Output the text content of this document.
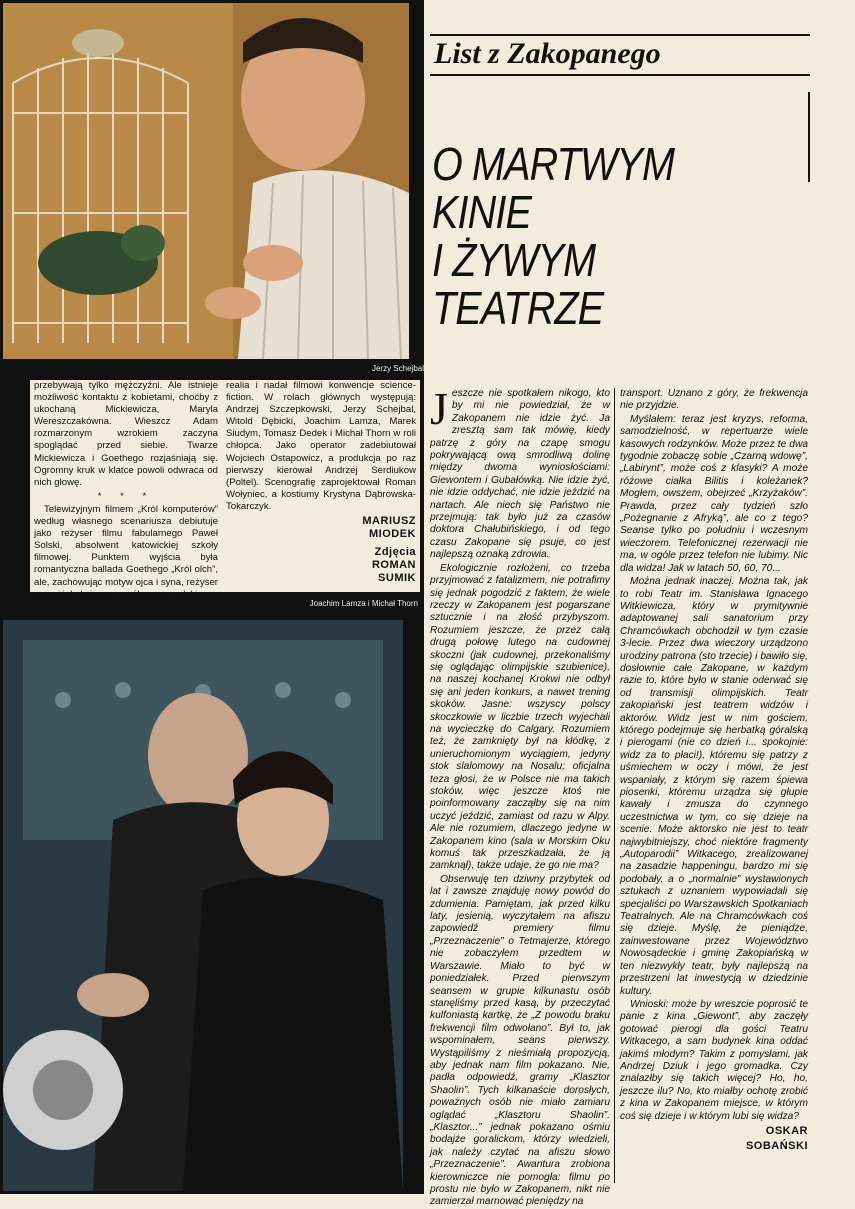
Jerzy Schejbal

przebywają tylko mężczyźni. Ale istnieje możliwość kontaktu z kobietami, choćby z ukochaną Mickiewicza, Maryla Wereszczakówna. Wieszcz Adam rozmarzonym wzrokiem zaczyna spoglądać przed siebie. Twarze Mickiewicza i Goethego rozjaśniają się. Ogromny kruk w klatce powoli odwraca od nich głowę.

* * *

Telewizyjnym filmem „Król komputerów” według własnego scenariusza debiutuje jako reżyser filmu fabularnego Paweł Solski, absolwent katowickiej szkoły filmowej. Punktem wyjścia była romantyczna ballada Goethego „Król olch”, ale, zachowując motyw ojca i syna, reżyser przeniósł akcję we współczesne polskie

realia i nadał filmowi konwencje science-fiction. W rolach głównych występują: Andrzej Szczepkowski, Jerzy Schejbal, Witold Dębicki, Joachim Lamza, Marek Siudym, Tomasz Dedek i Michał Thorn w roli chłopca. Jako operator zadebiutował Wojciech Ostapowicz, a produkcja po raz pierwszy kierował Andrzej Serdiukow (Poltel). Scenografię zaprojektował Roman Wołyniec, a kostiumy Krystyna Dąbrowska-Tokarczyk.

MARIUSZ
MIODEK
Zdjęcia
ROMAN
SUMIK
Joachim Lamza i Michał Thorn
List z Zakopanego
O MARTWYM
KINIE
I ŻYWYM
TEATRZE

Jeszcze nie spotkałem nikogo, kto by mi nie powiedział, że w Zakopanem nie idzie żyć. Ja zresztą sam tak mówię, kiedy patrzę z góry na czapę smogu pokrywającą ową smrodliwą dolinę między dwoma wyniosłościami: Giewontem i Gubałówką. Nie idzie żyć, nie idzie oddychać, nie idzie jeździć na nartach. Ale niech się Państwo nie przejmują: tak było już za czasów doktora Chałubińskiego, i od tego czasu Zakopane się psuje, co jest najlepszą oznaką zdrowia.

Ekologicznie rozłożeni, co trzeba przyjmować z fatalizmem, nie potrafimy się jednak pogodzić z faktem, że wiele rzeczy w Zakopanem jest pogarszane sztucznie i na złość przybyszom. Rozumiem jeszcze, że przez całą drugą połowę lutego na cudownej skoczni (jak cudownej, przekonaliśmy się oglądając olimpijskie szubienice), na naszej kochanej Krokwi nie odbył się ani jeden konkurs, a nawet trening skoków. Jasne: wszyscy polscy skoczkowie w liczbie trzech wyjechali na wycieczkę do Calgary. Rozumiem też, że zamknięty był na kłódkę, z unieruchomionym wyciągiem, jedyny stok slalomowy na Nosalu; oficjalna teza głosi, że w Polsce nie ma takich stoków, więc jeszcze ktoś nie poinformowany zacząłby się na nim uczyć jeździć, zamiast od razu w Alpy. Ale nie rozumiem, dlaczego jedyne w Zakopanem kino (sala w Morskim Oku komuś tak przeszkadzała, że ją zamknął), także udaje, że go nie ma?

Obserwuję ten dziwny przybytek od lat i zawsze znajduję nowy powód do zdumienia. Pamiętam, jak przed kilku laty, jesienią, wyczytałem na afiszu zapowiedź premiery filmu „Przeznaczenie” o Tetmajerze, którego nie zobaczyłem przedtem w Warszawie. Miało to być w poniedziałek. Przed pierwszym seansem w grupie kilkunastu osób stanęliśmy przed kasą, by przeczytać kulfoniastą kartkę, że „Z powodu braku frekwencji film odwołano”. Był to, jak wspominałem, seans pierwszy. Wystąpiliśmy z nieśmiałą propozycją, aby jednak nam film pokazano. Nie, padła odpowiedź, gramy „Klasztor Shaolin”. Tych kilkanaście dorosłych, poważnych osób nie miało zamiaru oglądać „Klasztoru Shaolin”. „Klasztor...” jednak pokazano ośmiu bodajże goralickom, którzy wiedzieli, jak należy czytać na afiszu słowo „Przeznaczenie”. Awantura zrobiona kierowniczce nie pomogła: filmu po prostu nie było w Zakopanem, nikt nie zamierzał marnować pieniędzy na

transport. Uznano z góry, że frekwencja nie przyjdzie.

Myślałem: teraz jest kryzys, reforma, samodzielność, w repertuarze wiele kasowych rodzynków. Może przez te dwa tygodnie zobaczę sobie „Czarną wdowę”, „Labirynt”, może coś z klasyki? A może różowe ciałka Bilitis i koleżanek? Mogłem, owszem, obejrzeć „Krzyżaków”. Prawda, przez cały tydzień szło „Pożegnanie z Afryką”, ale co z tego? Seanse tylko po południu i wczesnym wieczorem. Telefonicznej rezerwacji nie ma, w ogóle przez telefon nie lubimy. Nic dla widza! Jak w latach 50, 60, 70...

Można jednak inaczej. Można tak, jak to robi Teatr im. Stanisława Ignacego Witkiewicza, który w prymitywnie adaptowanej sali sanatorium przy Chramcówkach obchodził w tym czasie 3-lecie. Przez dwa wieczory urządzono urodziny patrona (sto trzecie) i bawiło się, dosłownie całe Zakopane, w każdym razie to, które było w stanie oderwać się od transmisji olimpijskich. Teatr zakopiański jest teatrem widzów i aktorów. Widz jest w nim gościem, którego podejmuje się herbatką góralską i pierogami (nie co dzień i... spokojnie: widz za to płaci!), któremu się patrzy z uśmiechem w oczy i mówi, że jest wspaniały, z którym się razem śpiewa piosenki, któremu urządza się głupie kawały i zmusza do czynnego uczestnictwa w tym, co się dzieje na scenie. Może aktorsko nie jest to teatr najwybitniejszy, choć niektóre fragmenty „Autoparodii” Witkacego, zrealizowanej na zasadzie happeningu, bardzo mi się podobały, a o „normalnie” wystawionych sztukach z uznaniem wypowiadali się specjaliści po Warszawskich Spotkaniach Teatralnych. Ale na Chramcówkach coś się dzieje. Myślę, że pieniądze, zainwestowane przez Województwo Nowosądeckie i gminę Zakopiańską w ten niezwykły teatr, były najlepszą na przestrzeni lat inwestycją w dziedzinie kultury.

Wnioski: może by wreszcie poprosić te panie z kina „Giewont”, aby zaczęły gotować pierogi dla gości Teatru Witkacego, a sam budynek kina oddać jakimś młodym? Takim z pomysłami, jak Andrzej Dziuk i jego gromadka. Czy znalazłby się takich więcej? Ho, ho, jeszcze ilu? No, kto miałby ochotę zrobić z kina w Zakopanem miejsce, w którym coś się dzieje i w którym lubi się widza?

OSKAR
SOBAŃSKI
